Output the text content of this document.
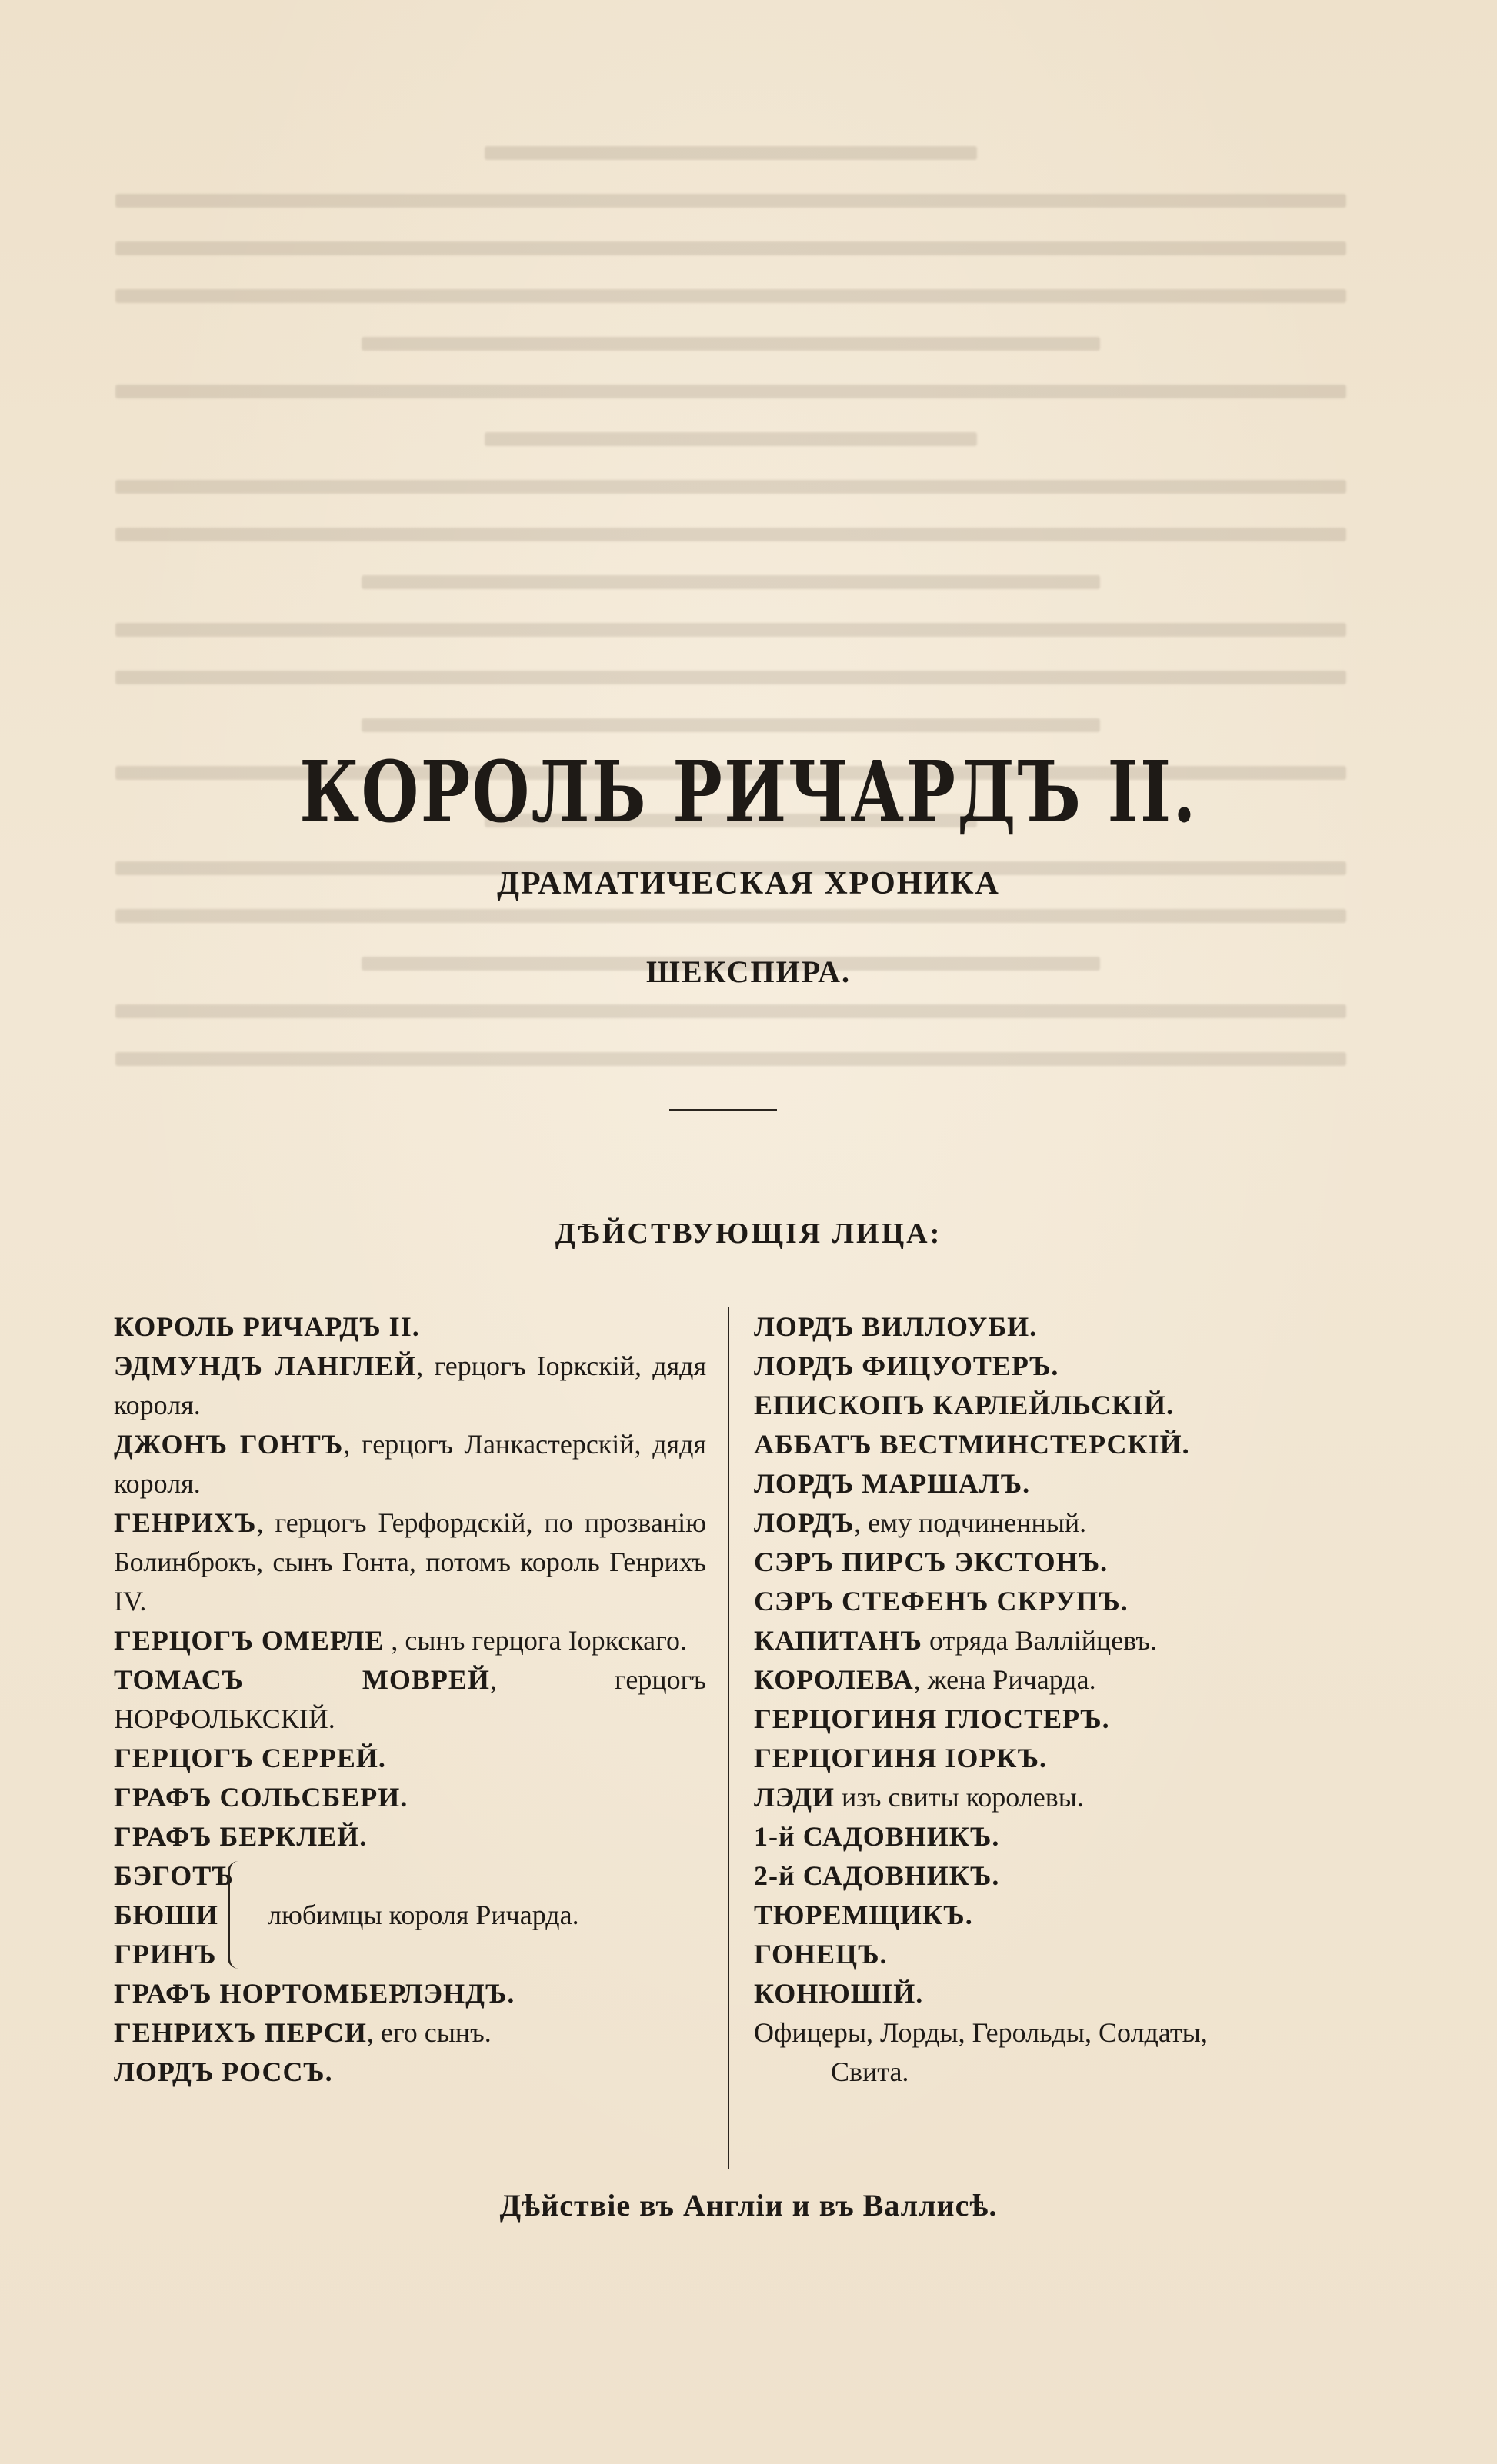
КОРОЛЬ РИЧАРДЪ II.
ДРАМАТИЧЕСКАЯ ХРОНИКА
ШЕКСПИРА.
ДѢЙСТВУЮЩІЯ ЛИЦА:
КОРОЛЬ РИЧАРДЪ II.
ЭДМУНДЪ ЛАНГЛЕЙ, герцогъ Іоркскій, дядя короля.
ДЖОНЪ ГОНТЪ, герцогъ Ланкастерскій, дядя короля.
ГЕНРИХЪ, герцогъ Герфордскій, по прозванію Болинброкъ, сынъ Гонта, потомъ король Генрихъ IV.
ГЕРЦОГЪ ОМЕРЛЕ , сынъ герцога Іоркскаго.
ТОМАСЪ МОВРЕЙ, герцогъ НОРФОЛЬКСКІЙ.
ГЕРЦОГЪ СЕРРЕЙ.
ГРАФЪ СОЛЬСБЕРИ.
ГРАФЪ БЕРКЛЕЙ.
БЭГОТЪ
БЮШИ
ГРИНЪ
любимцы короля Ричарда.
ГРАФЪ НОРТОМБЕРЛЭНДЪ.
ГЕНРИХЪ ПЕРСИ, его сынъ.
ЛОРДЪ РОССЪ.
ЛОРДЪ ВИЛЛОУБИ.
ЛОРДЪ ФИЦУОТЕРЪ.
ЕПИСКОПЪ КАРЛЕЙЛЬСКІЙ.
АББАТЪ ВЕСТМИНСТЕРСКІЙ.
ЛОРДЪ МАРШАЛЪ.
ЛОРДЪ, ему подчиненный.
СЭРЪ ПИРСЪ ЭКСТОНЪ.
СЭРЪ СТЕФЕНЪ СКРУПЪ.
КАПИТАНЪ отряда Валлійцевъ.
КОРОЛЕВА, жена Ричарда.
ГЕРЦОГИНЯ ГЛОСТЕРЪ.
ГЕРЦОГИНЯ ІОРКЪ.
ЛЭДИ изъ свиты королевы.
1-й САДОВНИКЪ.
2-й САДОВНИКЪ.
ТЮРЕМЩИКЪ.
ГОНЕЦЪ.
КОНЮШІЙ.
Офицеры, Лорды, Герольды, Солдаты,
Свита.
Дѣйствіе въ Англіи и въ Валлисѣ.
